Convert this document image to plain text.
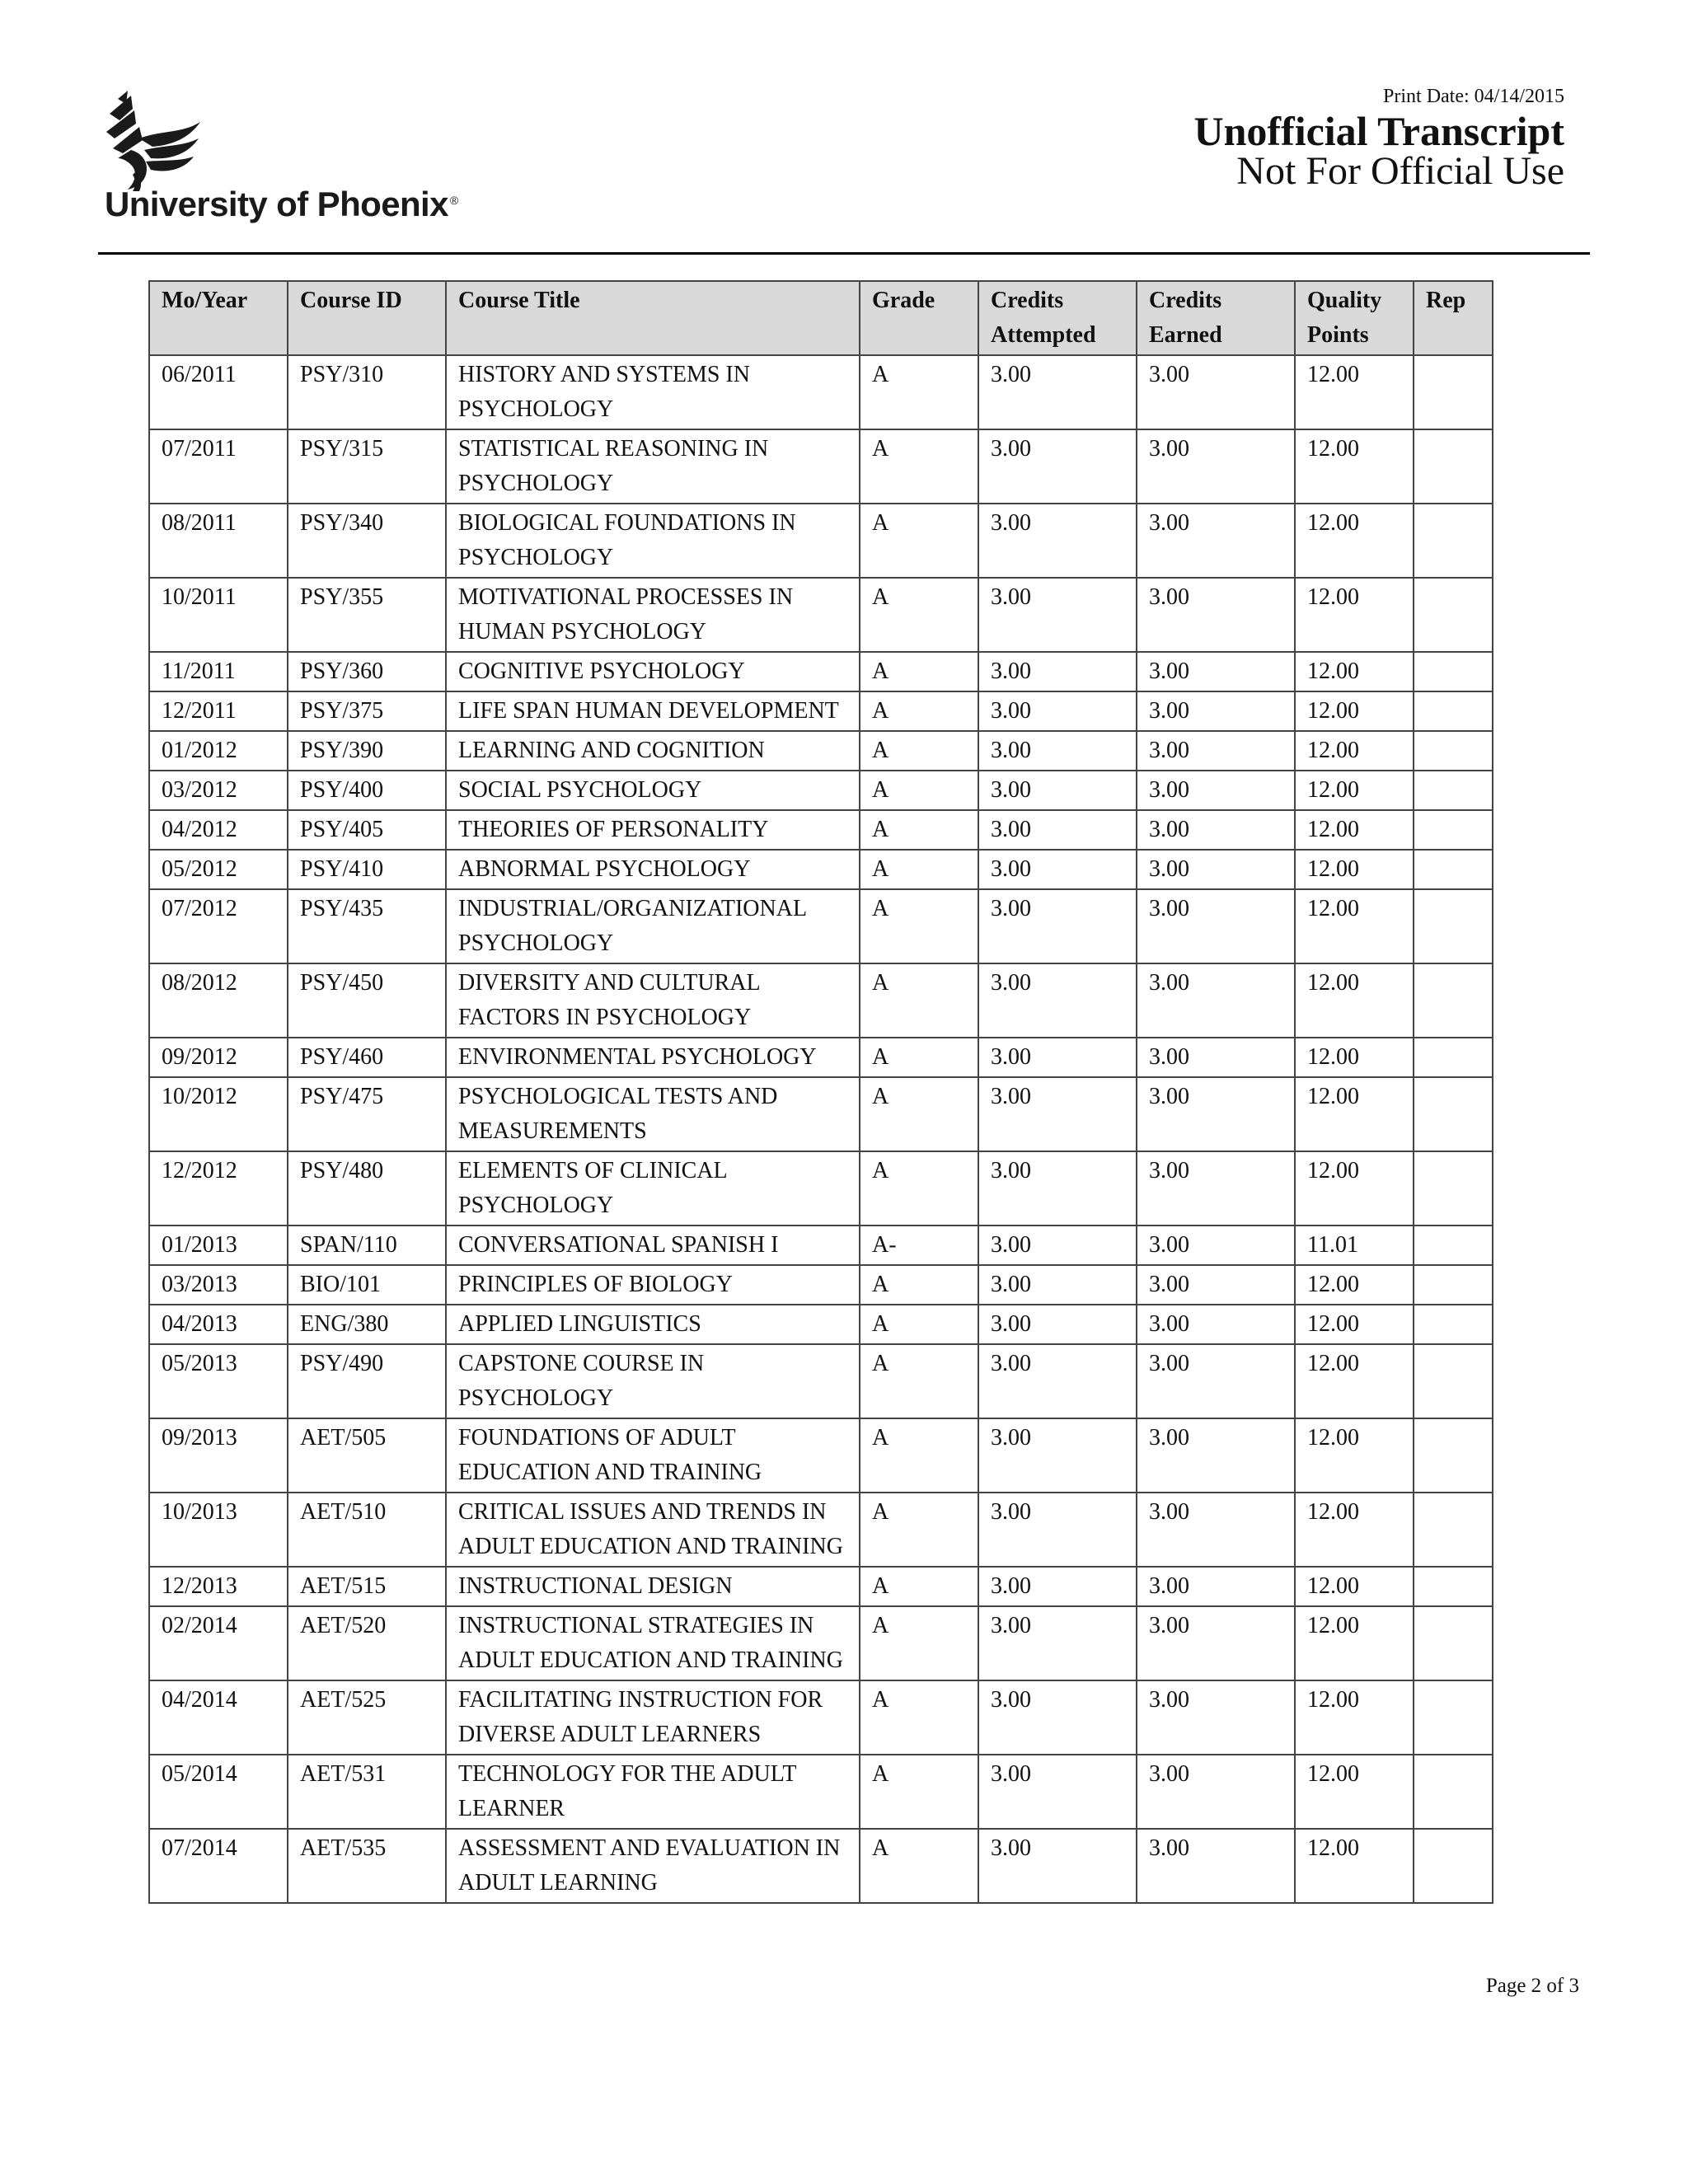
University of Phoenix ®
Print Date: 04/14/2015
Unofficial Transcript
Not For Official Use
Mo/Year	Course ID	Course Title	Grade	Credits Attempted	Credits Earned	Quality Points	Rep
06/2011	PSY/310	HISTORY AND SYSTEMS IN PSYCHOLOGY	A	3.00	3.00	12.00	
07/2011	PSY/315	STATISTICAL REASONING IN PSYCHOLOGY	A	3.00	3.00	12.00	
08/2011	PSY/340	BIOLOGICAL FOUNDATIONS IN PSYCHOLOGY	A	3.00	3.00	12.00	
10/2011	PSY/355	MOTIVATIONAL PROCESSES IN HUMAN PSYCHOLOGY	A	3.00	3.00	12.00	
11/2011	PSY/360	COGNITIVE PSYCHOLOGY	A	3.00	3.00	12.00	
12/2011	PSY/375	LIFE SPAN HUMAN DEVELOPMENT	A	3.00	3.00	12.00	
01/2012	PSY/390	LEARNING AND COGNITION	A	3.00	3.00	12.00	
03/2012	PSY/400	SOCIAL PSYCHOLOGY	A	3.00	3.00	12.00	
04/2012	PSY/405	THEORIES OF PERSONALITY	A	3.00	3.00	12.00	
05/2012	PSY/410	ABNORMAL PSYCHOLOGY	A	3.00	3.00	12.00	
07/2012	PSY/435	INDUSTRIAL/ORGANIZATIONAL PSYCHOLOGY	A	3.00	3.00	12.00	
08/2012	PSY/450	DIVERSITY AND CULTURAL FACTORS IN PSYCHOLOGY	A	3.00	3.00	12.00	
09/2012	PSY/460	ENVIRONMENTAL PSYCHOLOGY	A	3.00	3.00	12.00	
10/2012	PSY/475	PSYCHOLOGICAL TESTS AND MEASUREMENTS	A	3.00	3.00	12.00	
12/2012	PSY/480	ELEMENTS OF CLINICAL PSYCHOLOGY	A	3.00	3.00	12.00	
01/2013	SPAN/110	CONVERSATIONAL SPANISH I	A-	3.00	3.00	11.01	
03/2013	BIO/101	PRINCIPLES OF BIOLOGY	A	3.00	3.00	12.00	
04/2013	ENG/380	APPLIED LINGUISTICS	A	3.00	3.00	12.00	
05/2013	PSY/490	CAPSTONE COURSE IN PSYCHOLOGY	A	3.00	3.00	12.00	
09/2013	AET/505	FOUNDATIONS OF ADULT EDUCATION AND TRAINING	A	3.00	3.00	12.00	
10/2013	AET/510	CRITICAL ISSUES AND TRENDS IN ADULT EDUCATION AND TRAINING	A	3.00	3.00	12.00	
12/2013	AET/515	INSTRUCTIONAL DESIGN	A	3.00	3.00	12.00	
02/2014	AET/520	INSTRUCTIONAL STRATEGIES IN ADULT EDUCATION AND TRAINING	A	3.00	3.00	12.00	
04/2014	AET/525	FACILITATING INSTRUCTION FOR DIVERSE ADULT LEARNERS	A	3.00	3.00	12.00	
05/2014	AET/531	TECHNOLOGY FOR THE ADULT LEARNER	A	3.00	3.00	12.00	
07/2014	AET/535	ASSESSMENT AND EVALUATION IN ADULT LEARNING	A	3.00	3.00	12.00	
Page 2 of 3
